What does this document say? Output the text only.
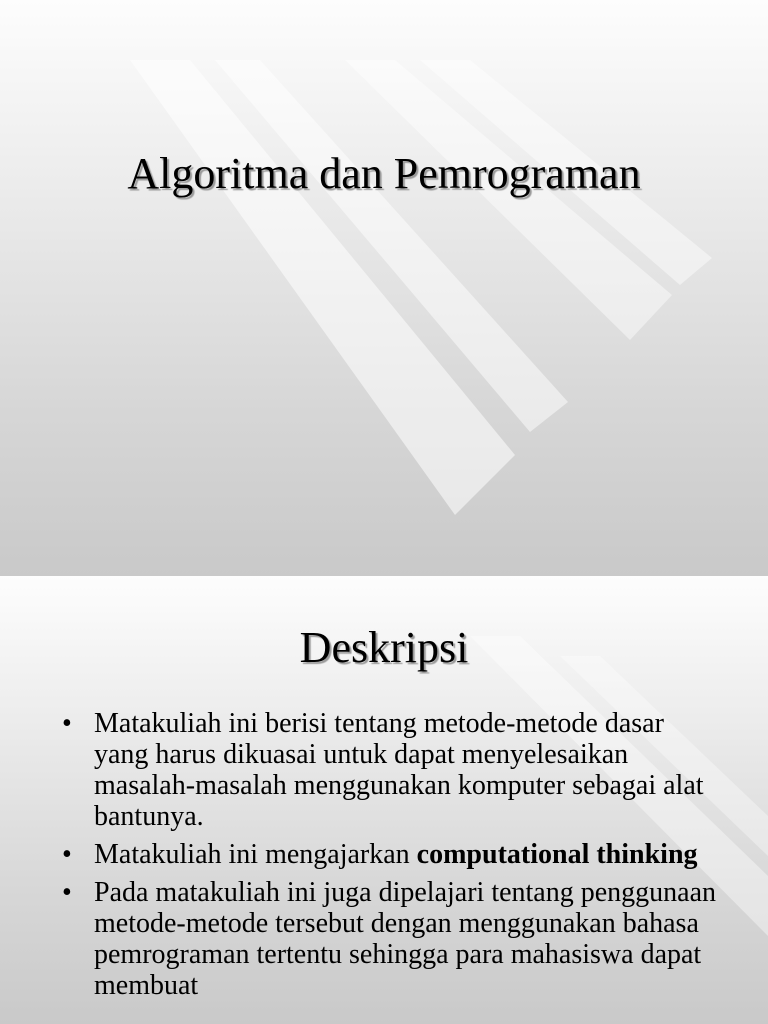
Algoritma dan Pemrograman
Deskripsi
• Matakuliah ini berisi tentang metode-metode dasar yang harus dikuasai untuk dapat menyelesaikan masalah-masalah menggunakan komputer sebagai alat bantunya.
• Matakuliah ini mengajarkan computational thinking
• Pada matakuliah ini juga dipelajari tentang penggunaan metode-metode tersebut dengan menggunakan bahasa pemrograman tertentu sehingga para mahasiswa dapat membuat
